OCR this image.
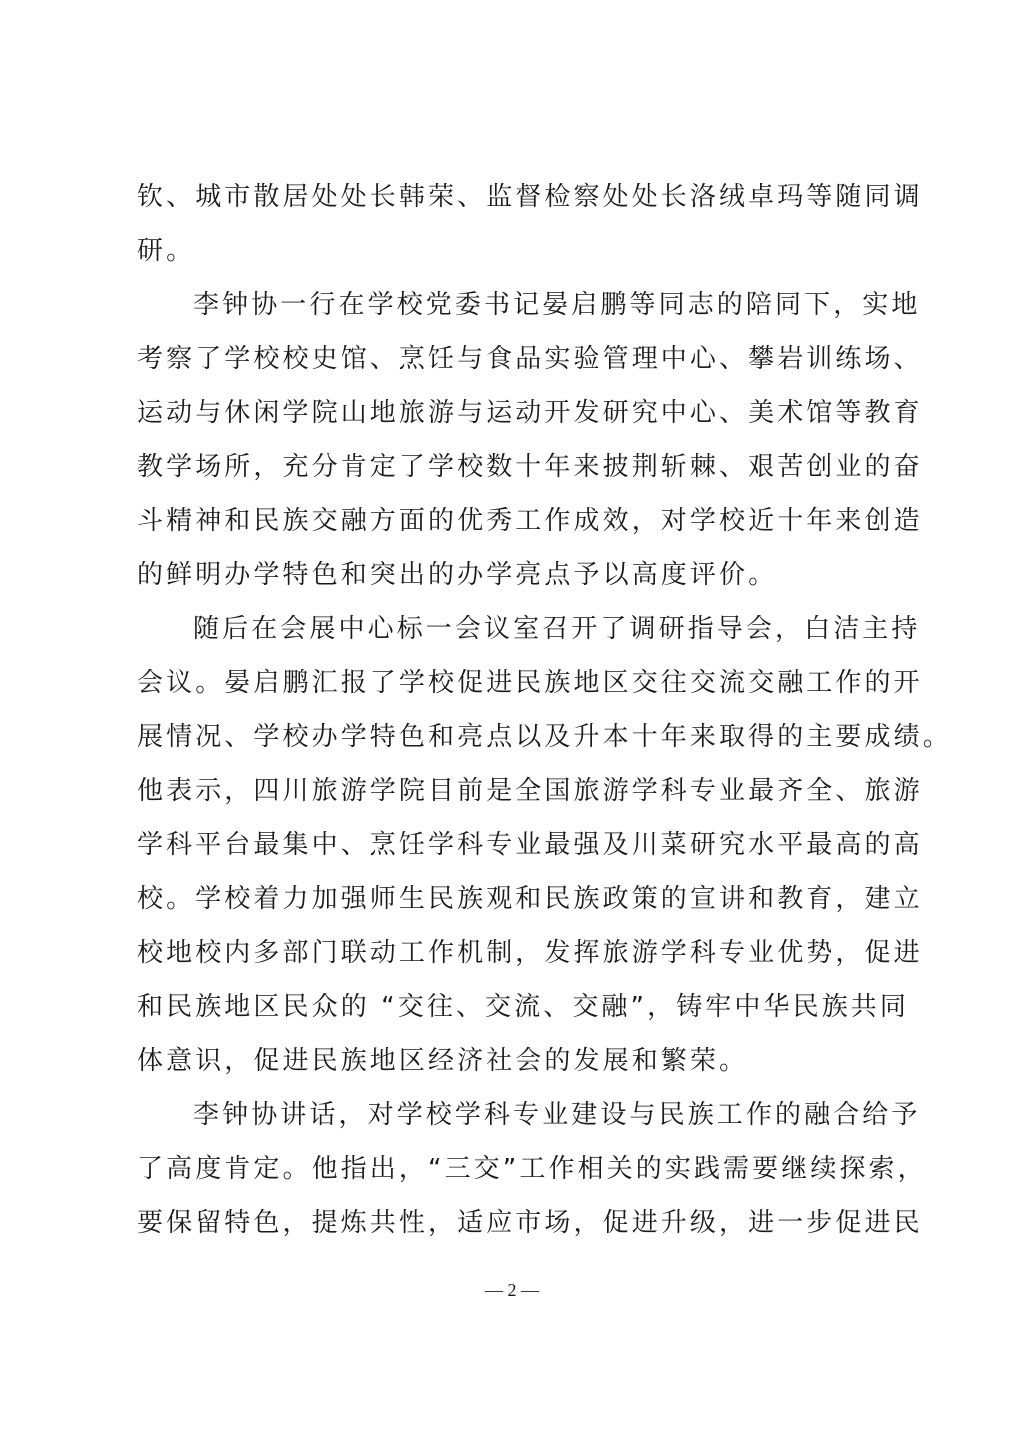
钦、城市散居处处长韩荣、监督检察处处长洛绒卓玛等随同调
研。
李钟协一行在学校党委书记晏启鹏等同志的陪同下，实地
考察了学校校史馆、烹饪与食品实验管理中心、攀岩训练场、
运动与休闲学院山地旅游与运动开发研究中心、美术馆等教育
教学场所，充分肯定了学校数十年来披荆斩棘、艰苦创业的奋
斗精神和民族交融方面的优秀工作成效，对学校近十年来创造
的鲜明办学特色和突出的办学亮点予以高度评价。
随后在会展中心标一会议室召开了调研指导会，白洁主持
会议。晏启鹏汇报了学校促进民族地区交往交流交融工作的开
展情况、学校办学特色和亮点以及升本十年来取得的主要成绩。
他表示，四川旅游学院目前是全国旅游学科专业最齐全、旅游
学科平台最集中、烹饪学科专业最强及川菜研究水平最高的高
校。学校着力加强师生民族观和民族政策的宣讲和教育，建立
校地校内多部门联动工作机制，发挥旅游学科专业优势，促进
和民族地区民众的 “交往、交流、交融”，铸牢中华民族共同
体意识，促进民族地区经济社会的发展和繁荣。
李钟协讲话，对学校学科专业建设与民族工作的融合给予
了高度肯定。他指出，“三交”工作相关的实践需要继续探索，
要保留特色，提炼共性，适应市场，促进升级，进一步促进民
— 2 —
